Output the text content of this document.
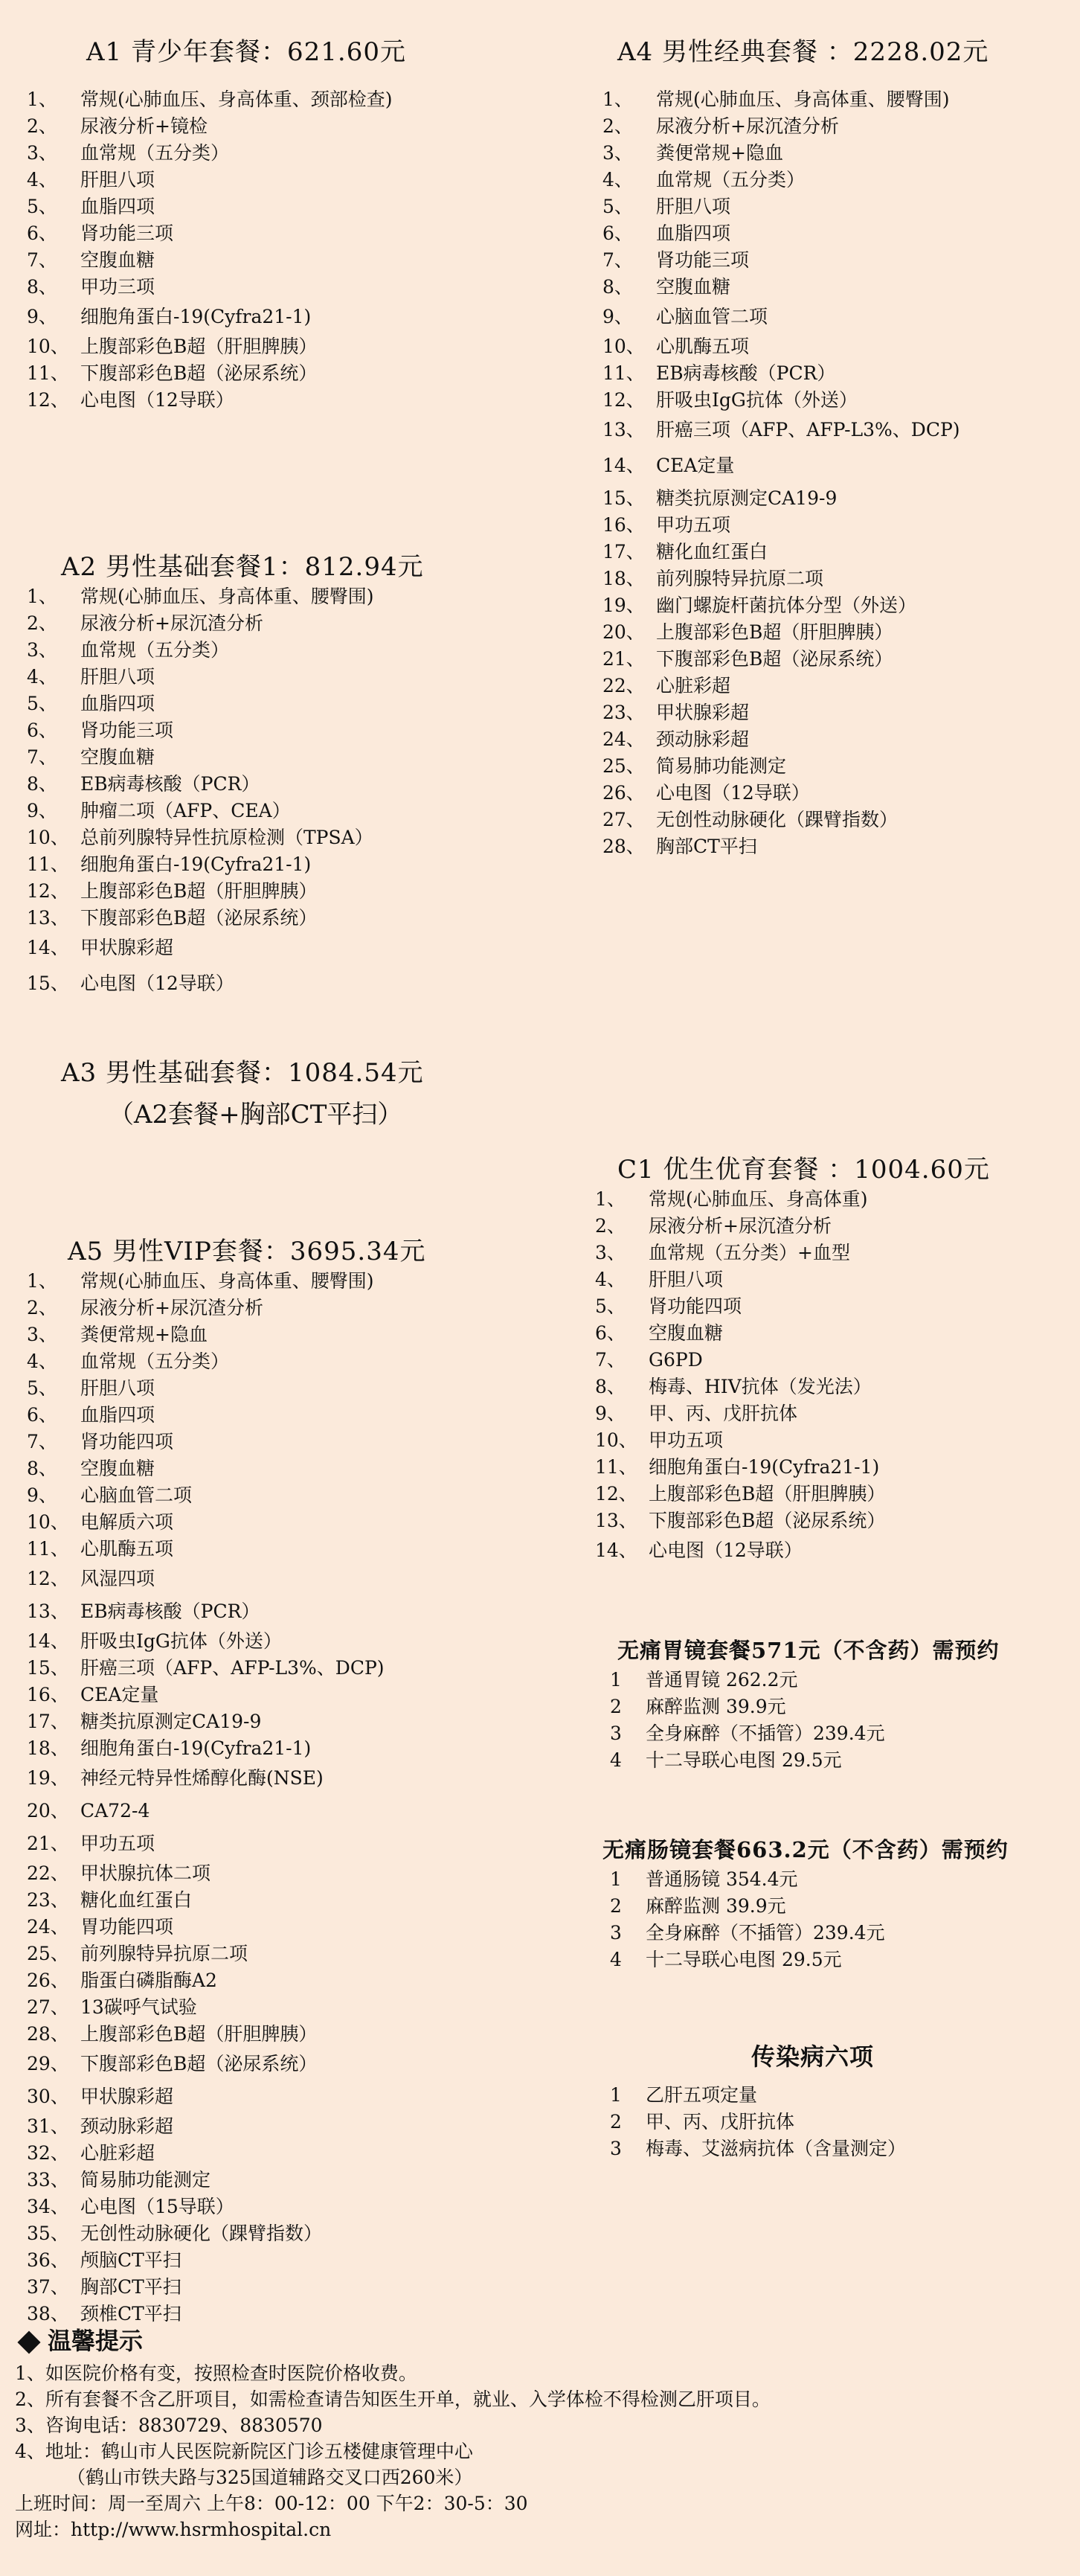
A1 青少年套餐：621.60元
1、	常规(心肺血压、身高体重、颈部检查)
2、	尿液分析+镜检
3、	血常规（五分类）
4、	肝胆八项
5、	血脂四项
6、	肾功能三项
7、	空腹血糖
8、	甲功三项
9、	细胞角蛋白-19(Cyfra21-1)
10、 上腹部彩色B超（肝胆脾胰）
11、 下腹部彩色B超（泌尿系统）
12、 心电图（12导联）
A2 男性基础套餐1：812.94元
1、	常规(心肺血压、身高体重、腰臀围)
2、	尿液分析+尿沉渣分析
3、	血常规（五分类）
4、	肝胆八项
5、	血脂四项
6、	肾功能三项
7、	空腹血糖
8、	EB病毒核酸（PCR）
9、	肿瘤二项（AFP、CEA）
10、 总前列腺特异性抗原检测（TPSA）
11、 细胞角蛋白-19(Cyfra21-1)
12、 上腹部彩色B超（肝胆脾胰）
13、 下腹部彩色B超（泌尿系统）
14、 甲状腺彩超
15、 心电图（12导联）
A3 男性基础套餐：1084.54元
（A2套餐+胸部CT平扫）
A5 男性VIP套餐：3695.34元
1、	常规(心肺血压、身高体重、腰臀围)
2、	尿液分析+尿沉渣分析
3、	粪便常规+隐血
4、	血常规（五分类）
5、	肝胆八项
6、	血脂四项
7、	肾功能四项
8、	空腹血糖
9、	心脑血管二项
10、 电解质六项
11、 心肌酶五项
12、 风湿四项
13、 EB病毒核酸（PCR）
14、 肝吸虫IgG抗体（外送）
15、 肝癌三项（AFP、AFP-L3%、DCP)
16、 CEA定量
17、 糖类抗原测定CA19-9
18、 细胞角蛋白-19(Cyfra21-1)
19、 神经元特异性烯醇化酶(NSE)
20、 CA72-4
21、 甲功五项
22、 甲状腺抗体二项
23、 糖化血红蛋白
24、 胃功能四项
25、 前列腺特异抗原二项
26、 脂蛋白磷脂酶A2
27、 13碳呼气试验
28、 上腹部彩色B超（肝胆脾胰）
29、 下腹部彩色B超（泌尿系统）
30、 甲状腺彩超
31、 颈动脉彩超
32、 心脏彩超
33、 简易肺功能测定
34、 心电图（15导联）
35、 无创性动脉硬化（踝臂指数）
36、 颅脑CT平扫
37、 胸部CT平扫
38、 颈椎CT平扫
A4 男性经典套餐 ：2228.02元
1、	常规(心肺血压、身高体重、腰臀围)
2、	尿液分析+尿沉渣分析
3、	粪便常规+隐血
4、	血常规（五分类）
5、	肝胆八项
6、	血脂四项
7、	肾功能三项
8、	空腹血糖
9、	心脑血管二项
10、 心肌酶五项
11、 EB病毒核酸（PCR）
12、 肝吸虫IgG抗体（外送）
13、 肝癌三项（AFP、AFP-L3%、DCP)
14、 CEA定量
15、 糖类抗原测定CA19-9
16、 甲功五项
17、 糖化血红蛋白
18、 前列腺特异抗原二项
19、 幽门螺旋杆菌抗体分型（外送）
20、 上腹部彩色B超（肝胆脾胰）
21、 下腹部彩色B超（泌尿系统）
22、 心脏彩超
23、 甲状腺彩超
24、 颈动脉彩超
25、 简易肺功能测定
26、 心电图（12导联）
27、 无创性动脉硬化（踝臂指数）
28、 胸部CT平扫
C1 优生优育套餐 ：1004.60元
1、	常规(心肺血压、身高体重)
2、	尿液分析+尿沉渣分析
3、	血常规（五分类）+血型
4、	肝胆八项
5、	肾功能四项
6、	空腹血糖
7、	G6PD
8、	梅毒、HIV抗体（发光法）
9、	甲、丙、戊肝抗体
10、 甲功五项
11、 细胞角蛋白-19(Cyfra21-1)
12、 上腹部彩色B超（肝胆脾胰）
13、 下腹部彩色B超（泌尿系统）
14、 心电图（12导联）
无痛胃镜套餐571元（不含药）需预约
1	普通胃镜 262.2元
2	麻醉监测 39.9元
3	全身麻醉（不插管）239.4元
4	十二导联心电图 29.5元
无痛肠镜套餐663.2元（不含药）需预约
1	普通肠镜 354.4元
2	麻醉监测 39.9元
3	全身麻醉（不插管）239.4元
4	十二导联心电图 29.5元
传染病六项
1	乙肝五项定量
2	甲、丙、戊肝抗体
3	梅毒、艾滋病抗体（含量测定）
温馨提示
1、如医院价格有变，按照检查时医院价格收费。
2、所有套餐不含乙肝项目，如需检查请告知医生开单，就业、入学体检不得检测乙肝项目。
3、咨询电话：8830729、8830570
4、地址：鹤山市人民医院新院区门诊五楼健康管理中心
（鹤山市铁夫路与325国道辅路交叉口西260米）
上班时间：周一至周六 上午8：00-12：00 下午2：30-5：30
网址：http://www.hsrmhospital.cn
